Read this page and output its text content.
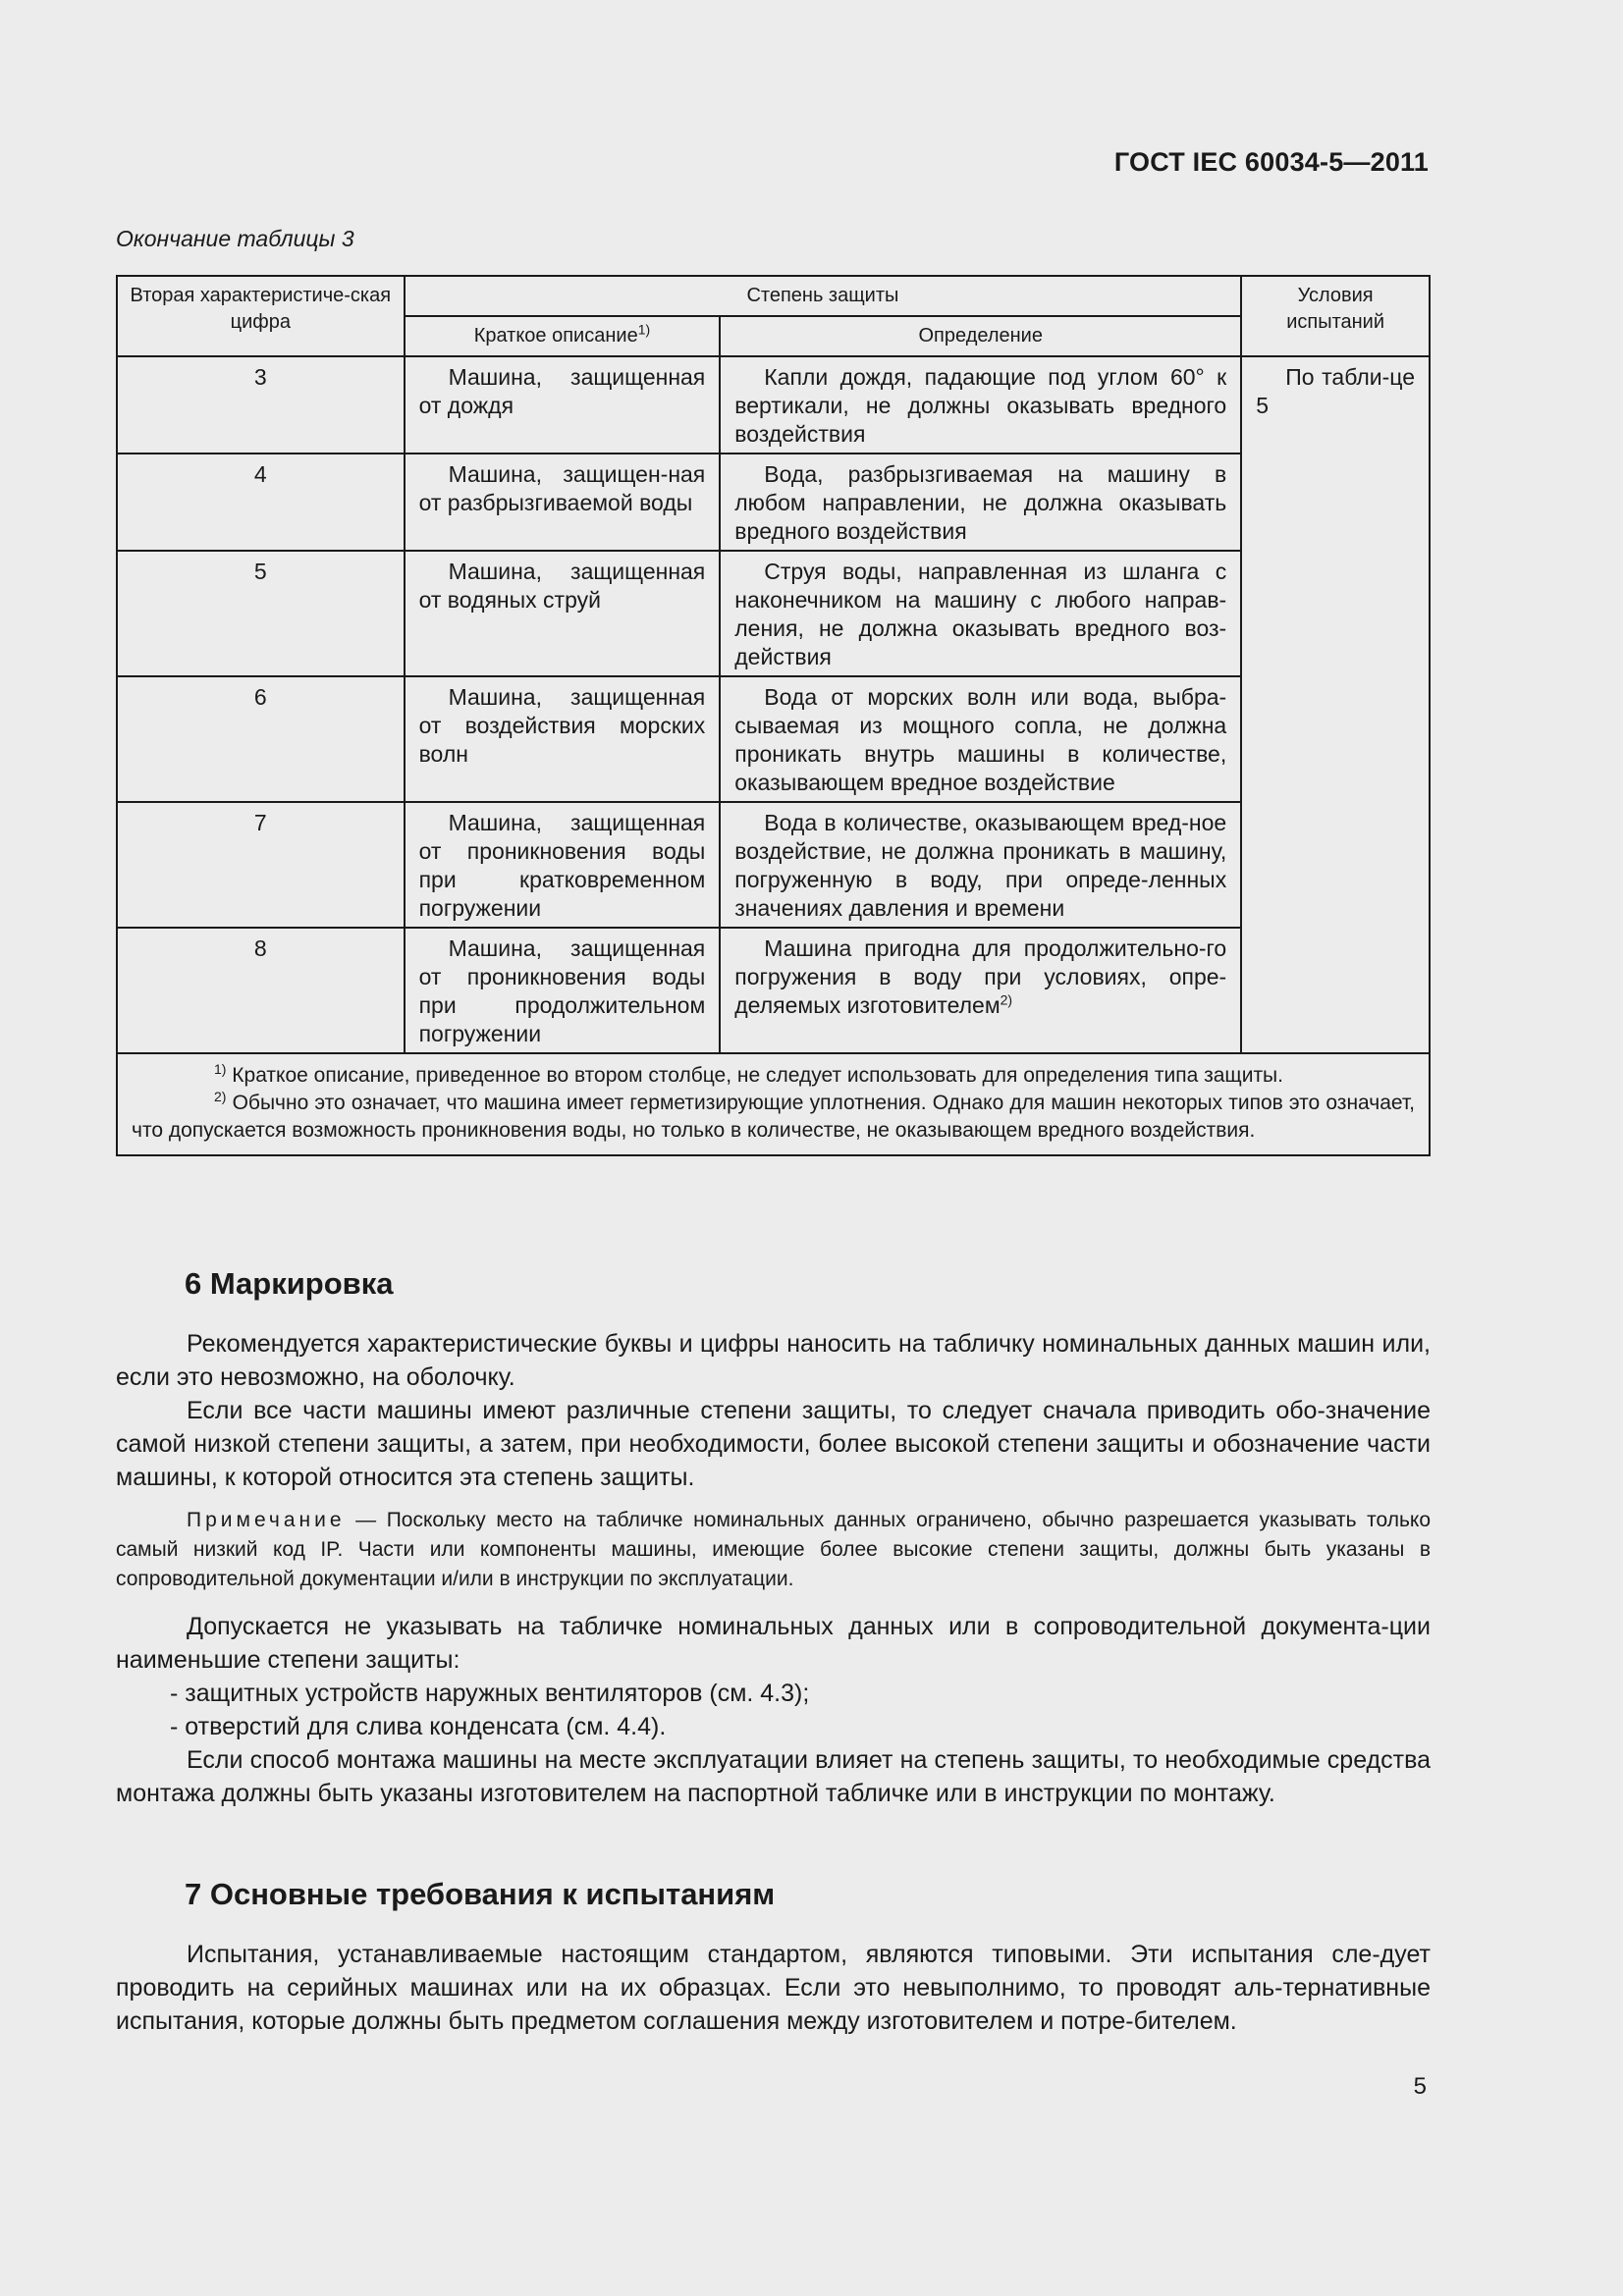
ГОСТ IEC 60034-5—2011
Окончание таблицы 3
Вторая характеристиче-ская цифра	Степень защиты		Условия испытаний
	Краткое описание$^{1)}$	Определение	
3	Машина, защищенная от дождя	Капли дождя, падающие под углом 60° к вертикали, не должны оказывать вредного воздействия	По табли-це 5

4	Машина, защищен-ная от разбрызгиваемой воды	Вода, разбрызгиваемая на машину в любом направлении, не должна оказывать вредного воздействия	

5	Машина, защищенная от водяных струй	Струя воды, направленная из шланга с наконечником на машину с любого направ-ления, не должна оказывать вредного воз-действия	

6	Машина, защищенная от воздействия морских волн	Вода от морских волн или вода, выбра-сываемая из мощного сопла, не должна проникать внутрь машины в количестве, оказывающем вредное воздействие	

7	Машина, защищенная от проникновения воды при кратковременном погружении	Вода в количестве, оказывающем вред-ное воздействие, не должна проникать в машину, погруженную в воду, при опреде-ленных значениях давления и времени	

8	Машина, защищенная от проникновения воды при продолжительном погружении	Машина пригодна для продолжительно-го погружения в воду при условиях, опре-деляемых изготовителем$^{2)}$

$^{1)}$ Краткое описание, приведенное во втором столбце, не следует использовать для определения типа защиты.
$^{2)}$ Обычно это означает, что машина имеет герметизирующие уплотнения. Однако для машин некоторых типов это означает, что допускается возможность проникновения воды, но только в количестве, не оказывающем вредного воздействия.			
6 Маркировка

Рекомендуется характеристические буквы и цифры наносить на табличку номинальных данных машин или, если это невозможно, на оболочку.

Если все части машины имеют различные степени защиты, то следует сначала приводить обо-значение самой низкой степени защиты, а затем, при необходимости, более высокой степени защиты и обозначение части машины, к которой относится эта степень защиты.

Примечание — Поскольку место на табличке номинальных данных ограничено, обычно разрешается указывать только самый низкий код IP. Части или компоненты машины, имеющие более высокие степени защиты, должны быть указаны в сопроводительной документации и/или в инструкции по эксплуатации.

Допускается не указывать на табличке номинальных данных или в сопроводительной документа-ции наименьшие степени защиты:

- защитных устройств наружных вентиляторов (см. 4.3);

- отверстий для слива конденсата (см. 4.4).

Если способ монтажа машины на месте эксплуатации влияет на степень защиты, то необходимые средства монтажа должны быть указаны изготовителем на паспортной табличке или в инструкции по монтажу.

7 Основные требования к испытаниям

Испытания, устанавливаемые настоящим стандартом, являются типовыми. Эти испытания сле-дует проводить на серийных машинах или на их образцах. Если это невыполнимо, то проводят аль-тернативные испытания, которые должны быть предметом соглашения между изготовителем и потре-бителем.

5
